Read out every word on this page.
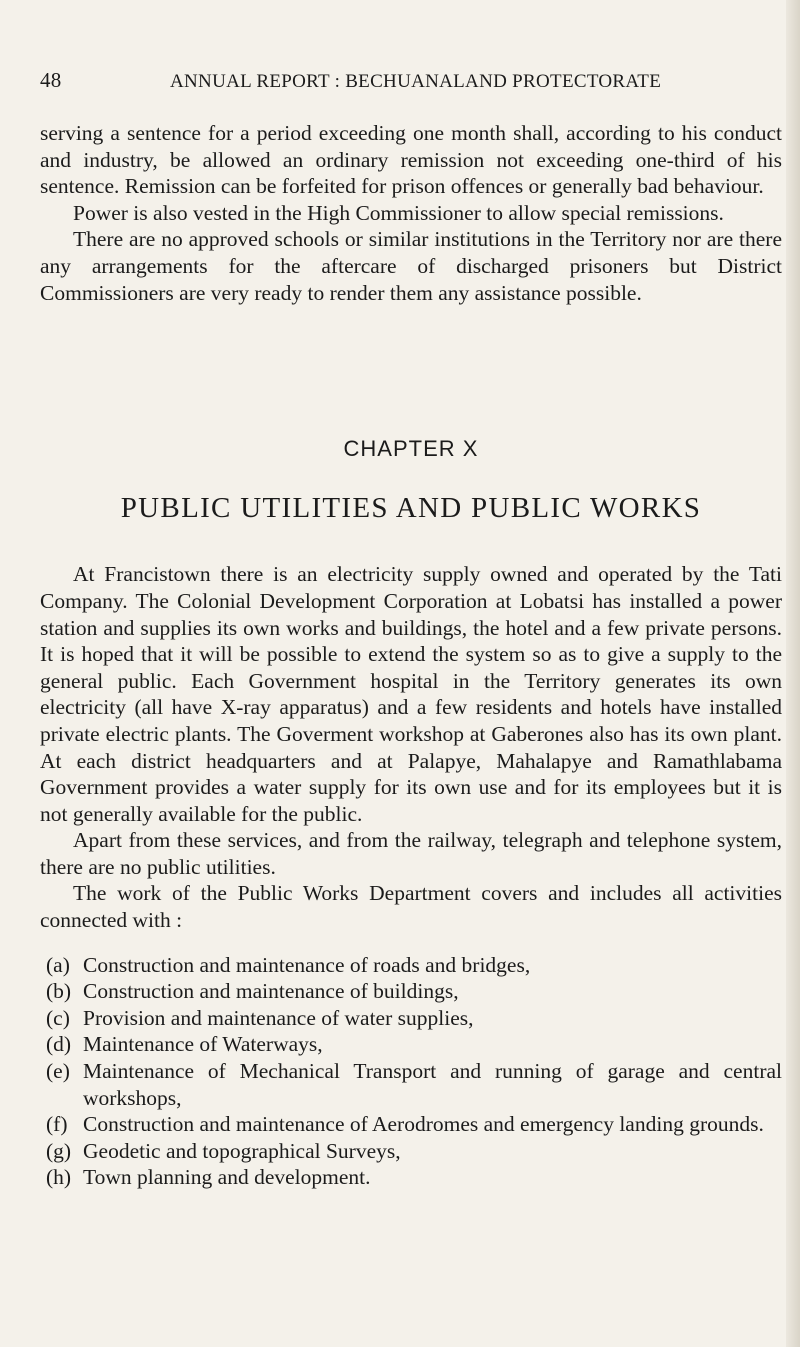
48	ANNUAL REPORT : BECHUANALAND PROTECTORATE

serving a sentence for a period exceeding one month shall, according to his conduct and industry, be allowed an ordinary remission not exceeding one-third of his sentence. Remission can be forfeited for prison offences or generally bad behaviour.

Power is also vested in the High Commissioner to allow special remissions.

There are no approved schools or similar institutions in the Territory nor are there any arrangements for the aftercare of discharged prisoners but District Commissioners are very ready to render them any assistance possible.

CHAPTER X
PUBLIC UTILITIES AND PUBLIC WORKS

At Francistown there is an electricity supply owned and operated by the Tati Company. The Colonial Development Corporation at Lobatsi has installed a power station and supplies its own works and buildings, the hotel and a few private persons. It is hoped that it will be possible to extend the system so as to give a supply to the general public. Each Government hospital in the Territory generates its own electricity (all have X-ray apparatus) and a few residents and hotels have installed private electric plants. The Goverment workshop at Gaberones also has its own plant. At each district headquarters and at Palapye, Mahalapye and Ramathlabama Government provides a water supply for its own use and for its employees but it is not generally available for the public.

Apart from these services, and from the railway, telegraph and telephone system, there are no public utilities.

The work of the Public Works Department covers and includes all activities connected with :

(a) Construction and maintenance of roads and bridges,
(b) Construction and maintenance of buildings,
(c) Provision and maintenance of water supplies,
(d) Maintenance of Waterways,
(e) Maintenance of Mechanical Transport and running of garage and central workshops,
(f) Construction and maintenance of Aerodromes and emergency landing grounds.
(g) Geodetic and topographical Surveys,
(h) Town planning and development.
